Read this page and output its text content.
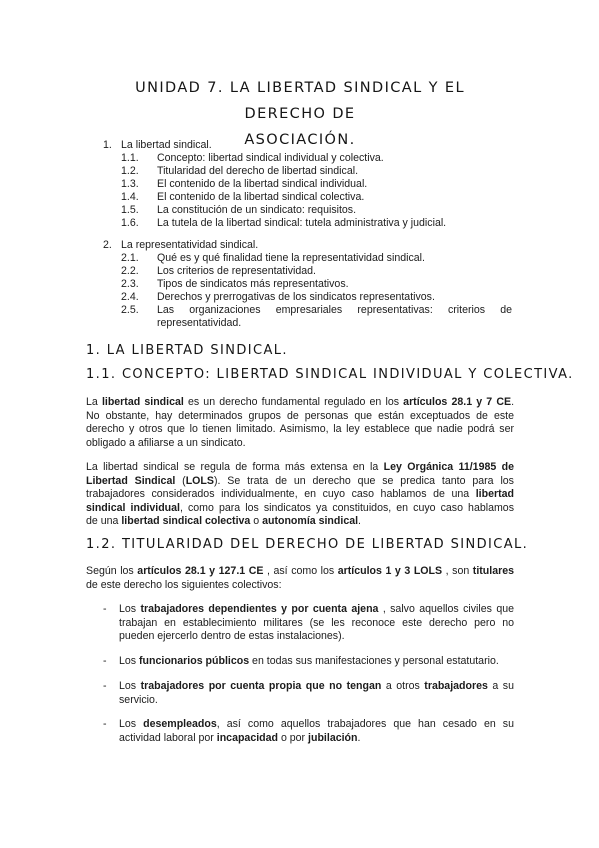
UNIDAD 7. LA LIBERTAD SINDICAL Y EL DERECHO DE
ASOCIACIÓN.
1. La libertad sindical.
1.1. Concepto: libertad sindical individual y colectiva.
1.2. Titularidad del derecho de libertad sindical.
1.3. El contenido de la libertad sindical individual.
1.4. El contenido de la libertad sindical colectiva.
1.5. La constitución de un sindicato: requisitos.
1.6. La tutela de la libertad sindical: tutela administrativa y judicial.
2. La representatividad sindical.
2.1. Qué es y qué finalidad tiene la representatividad sindical.
2.2. Los criterios de representatividad.
2.3. Tipos de sindicatos más representativos.
2.4. Derechos y prerrogativas de los sindicatos representativos.
2.5. Las organizaciones empresariales representativas: criterios de
representatividad.
1. LA LIBERTAD SINDICAL.
1.1. CONCEPTO: LIBERTAD SINDICAL INDIVIDUAL Y COLECTIVA.
La libertad sindical es un derecho fundamental regulado en los artículos 28.1 y 7 CE.
No obstante, hay determinados grupos de personas que están exceptuados de este
derecho y otros que lo tienen limitado. Asimismo, la ley establece que nadie podrá ser
obligado a afiliarse a un sindicato.
La libertad sindical se regula de forma más extensa en la Ley Orgánica 11/1985 de
Libertad Sindical (LOLS). Se trata de un derecho que se predica tanto para los
trabajadores considerados individualmente, en cuyo caso hablamos de una libertad
sindical individual, como para los sindicatos ya constituidos, en cuyo caso hablamos
de una libertad sindical colectiva o autonomía sindical.
1.2. TITULARIDAD DEL DERECHO DE LIBERTAD SINDICAL.
Según los artículos 28.1 y 127.1 CE , así como los artículos 1 y 3 LOLS , son titulares
de este derecho los siguientes colectivos:
- Los trabajadores dependientes y por cuenta ajena , salvo aquellos civiles que
trabajan en establecimiento militares (se les reconoce este derecho pero no
pueden ejercerlo dentro de estas instalaciones).
- Los funcionarios públicos en todas sus manifestaciones y personal estatutario.
- Los trabajadores por cuenta propia que no tengan a otros trabajadores a su
servicio.
- Los desempleados, así como aquellos trabajadores que han cesado en su
actividad laboral por incapacidad o por jubilación.
